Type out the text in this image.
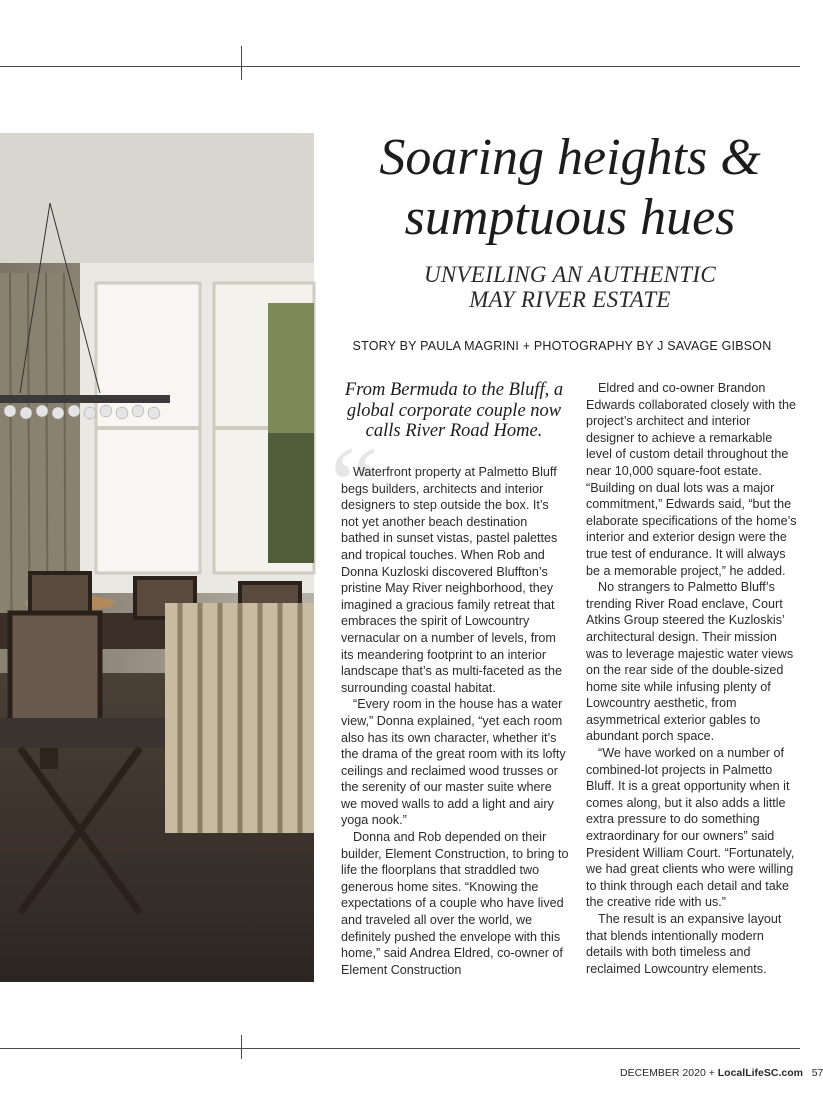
Soaring heights & sumptuous hues
UNVEILING AN AUTHENTIC
MAY RIVER ESTATE
STORY BY PAULA MAGRINI + PHOTOGRAPHY BY J SAVAGE GIBSON
From Bermuda to the Bluff, a global corporate couple now calls River Road Home.
“

Waterfront property at Palmetto Bluff begs builders, architects and interior designers to step outside the box. It’s not yet another beach destination bathed in sunset vistas, pastel palettes and tropical touches. When Rob and Donna Kuzloski discovered Bluffton’s pristine May River neighborhood, they imagined a gracious family retreat that embraces the spirit of Lowcountry vernacular on a number of levels, from its meandering footprint to an interior landscape that’s as multi-faceted as the surrounding coastal habitat.

“Every room in the house has a water view,” Donna explained, “yet each room also has its own character, whether it’s the drama of the great room with its lofty ceilings and reclaimed wood trusses or the serenity of our master suite where we moved walls to add a light and airy yoga nook.”

Donna and Rob depended on their builder, Element Construction, to bring to life the floorplans that straddled two generous home sites. “Knowing the expectations of a couple who have lived and traveled all over the world, we definitely pushed the envelope with this home,” said Andrea Eldred, co-owner of Element Construction

Eldred and co-owner Brandon Edwards collaborated closely with the project’s architect and interior designer to achieve a remarkable level of custom detail throughout the near 10,000 square-foot estate. “Building on dual lots was a major commitment,” Edwards said, “but the elaborate specifications of the home’s interior and exterior design were the true test of endurance. It will always be a memorable project,” he added.

No strangers to Palmetto Bluff’s trending River Road enclave, Court Atkins Group steered the Kuzloskis’ architectural design. Their mission was to leverage majestic water views on the rear side of the double-sized home site while infusing plenty of Lowcountry aesthetic, from asymmetrical exterior gables to abundant porch space.

“We have worked on a number of combined-lot projects in Palmetto Bluff. It is a great opportunity when it comes along, but it also adds a little extra pressure to do something extraordinary for our owners” said President William Court. “Fortunately, we had great clients who were willing to think through each detail and take the creative ride with us.”

The result is an expansive layout that blends intentionally modern details with both timeless and reclaimed Lowcountry elements.

DECEMBER 2020 + LocalLifeSC.com 57
